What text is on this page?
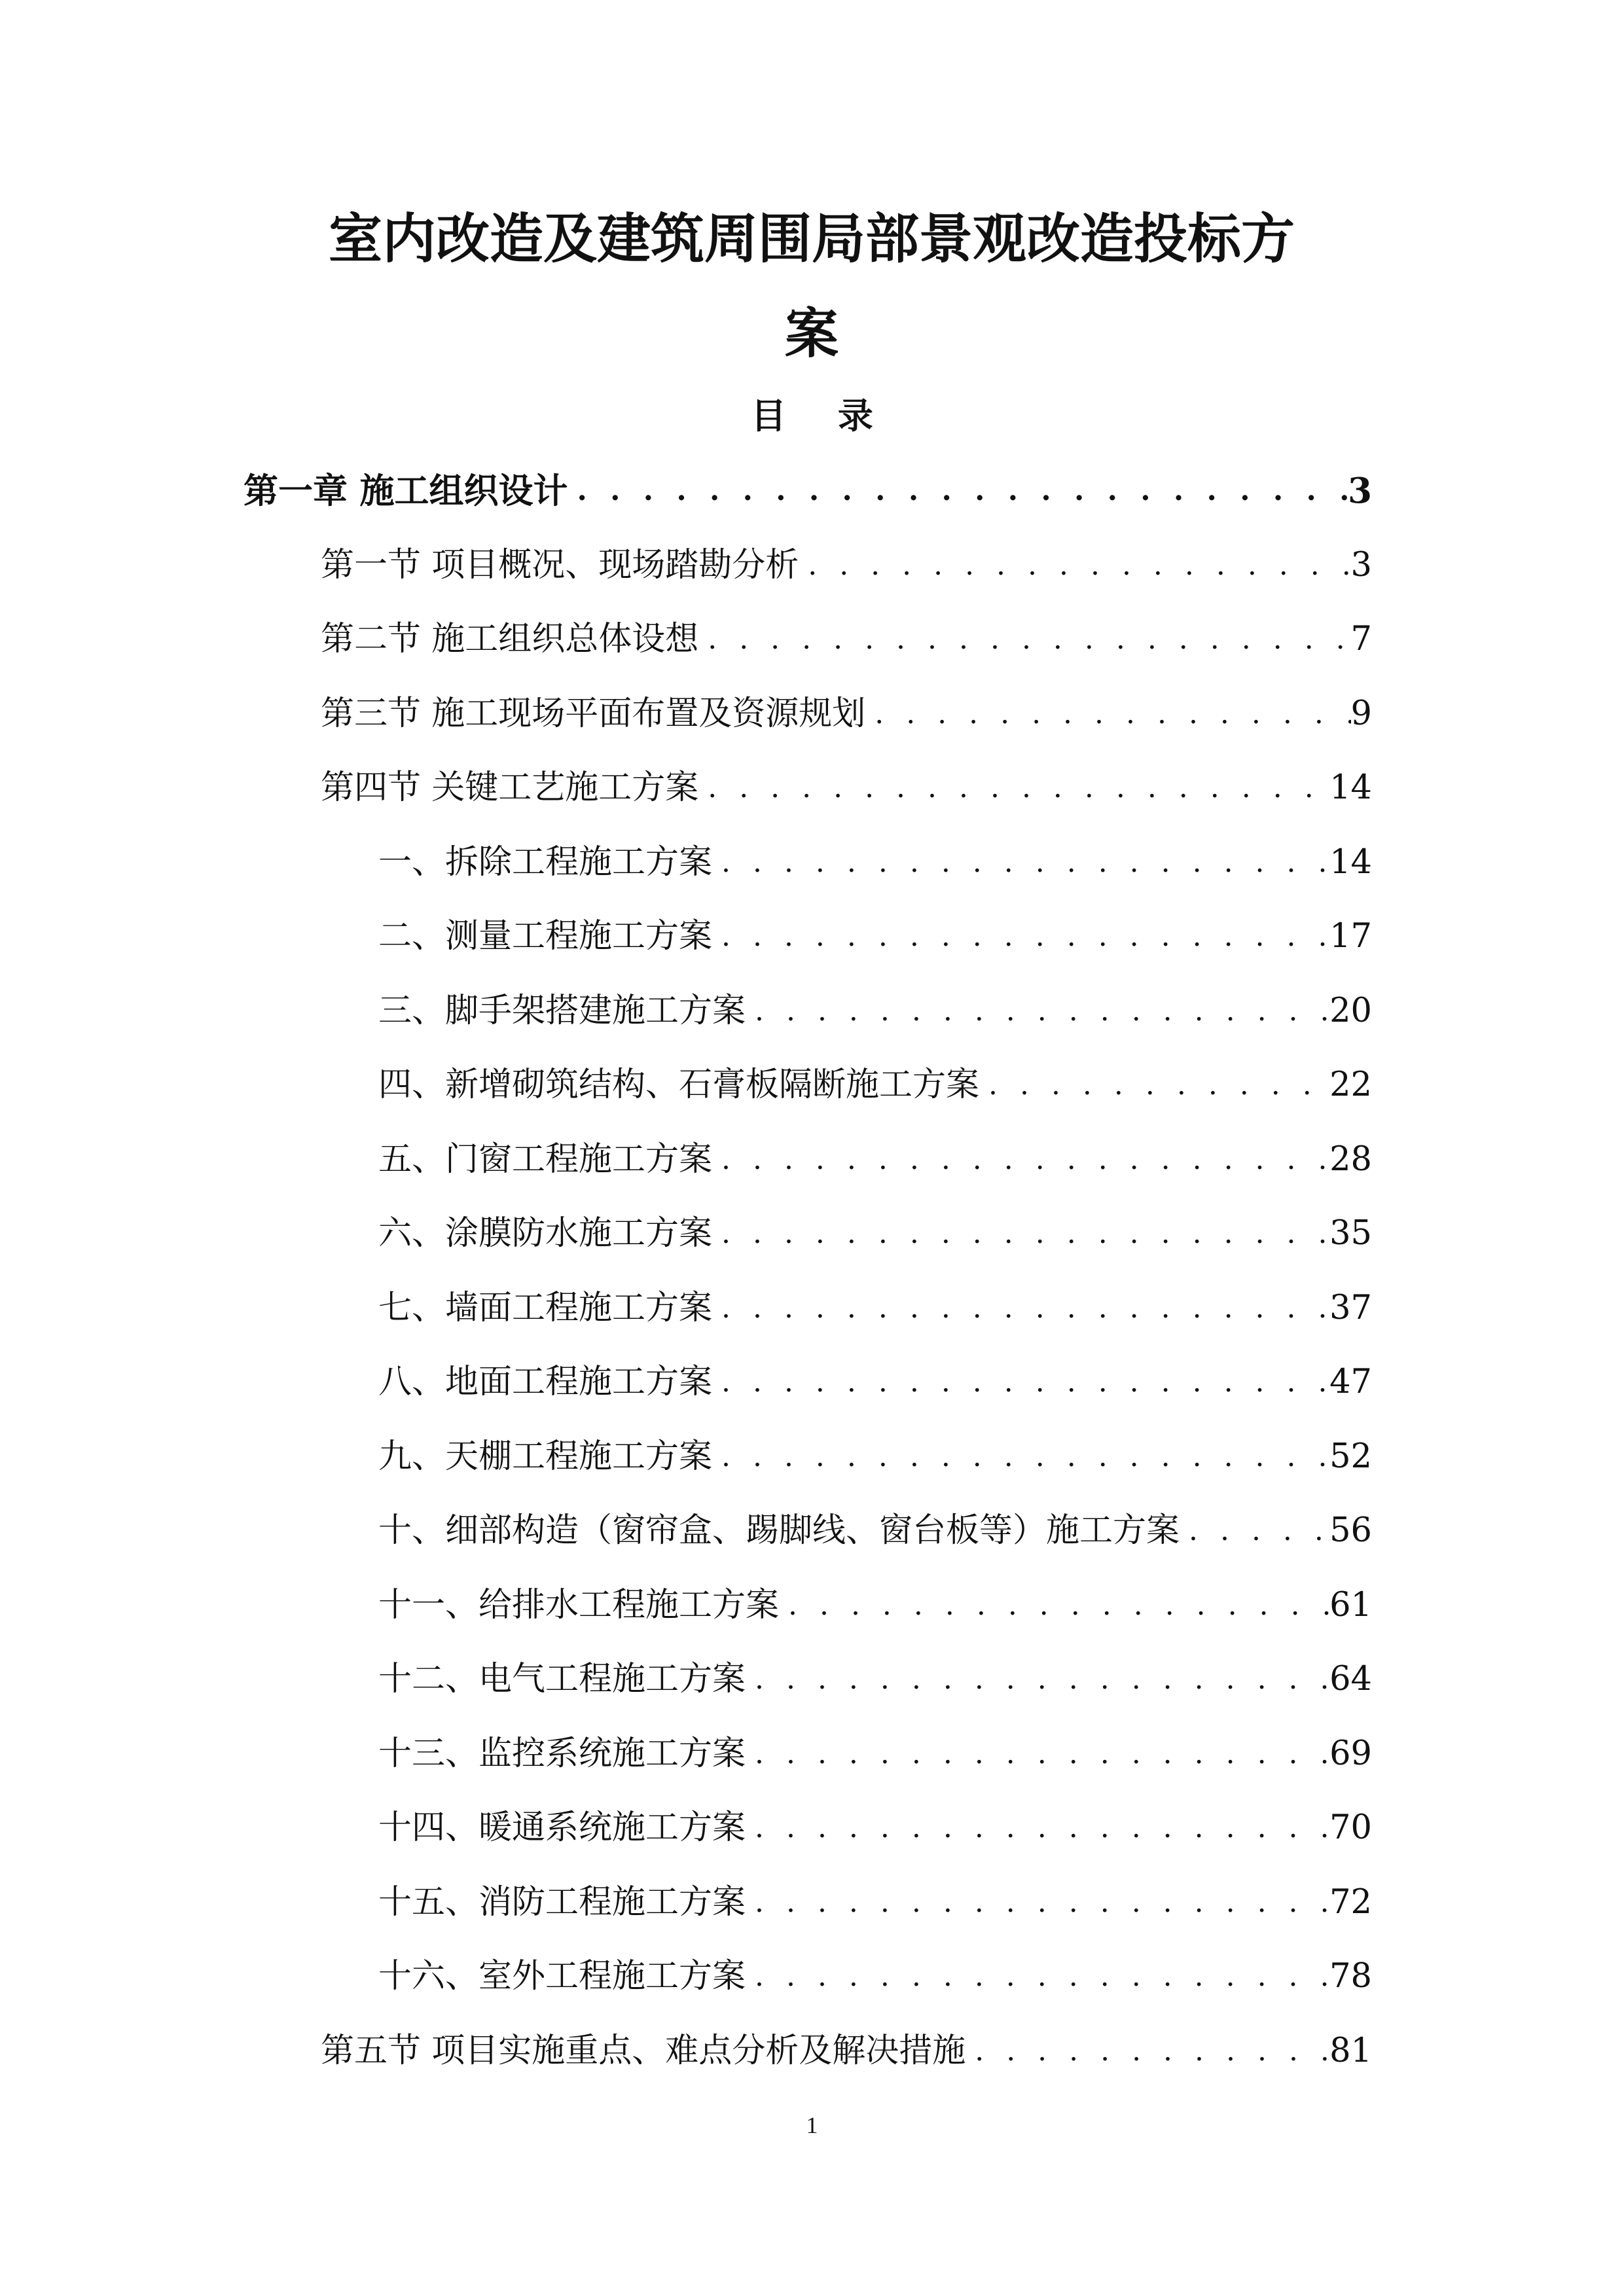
室内改造及建筑周围局部景观改造投标方
案
目 录
第一章 施工组织设计 . . .	3
第一节 项目概况、现场踏勘分析 . . .	3
第二节 施工组织总体设想 . . .	7
第三节 施工现场平面布置及资源规划 . . .	9
第四节 关键工艺施工方案 . . .	14
一、拆除工程施工方案 . . .	14
二、测量工程施工方案 . . .	17
三、脚手架搭建施工方案 . . .	20
四、新增砌筑结构、石膏板隔断施工方案 . . .	22
五、门窗工程施工方案 . . .	28
六、涂膜防水施工方案 . . .	35
七、墙面工程施工方案 . . .	37
八、地面工程施工方案 . . .	47
九、天棚工程施工方案 . . .	52
十、细部构造（窗帘盒、踢脚线、窗台板等）施工方案 . . .	56
十一、给排水工程施工方案 . . .	61
十二、电气工程施工方案 . . .	64
十三、监控系统施工方案 . . .	69
十四、暖通系统施工方案 . . .	70
十五、消防工程施工方案 . . .	72
十六、室外工程施工方案 . . .	78
第五节 项目实施重点、难点分析及解决措施 . . .	81
1
